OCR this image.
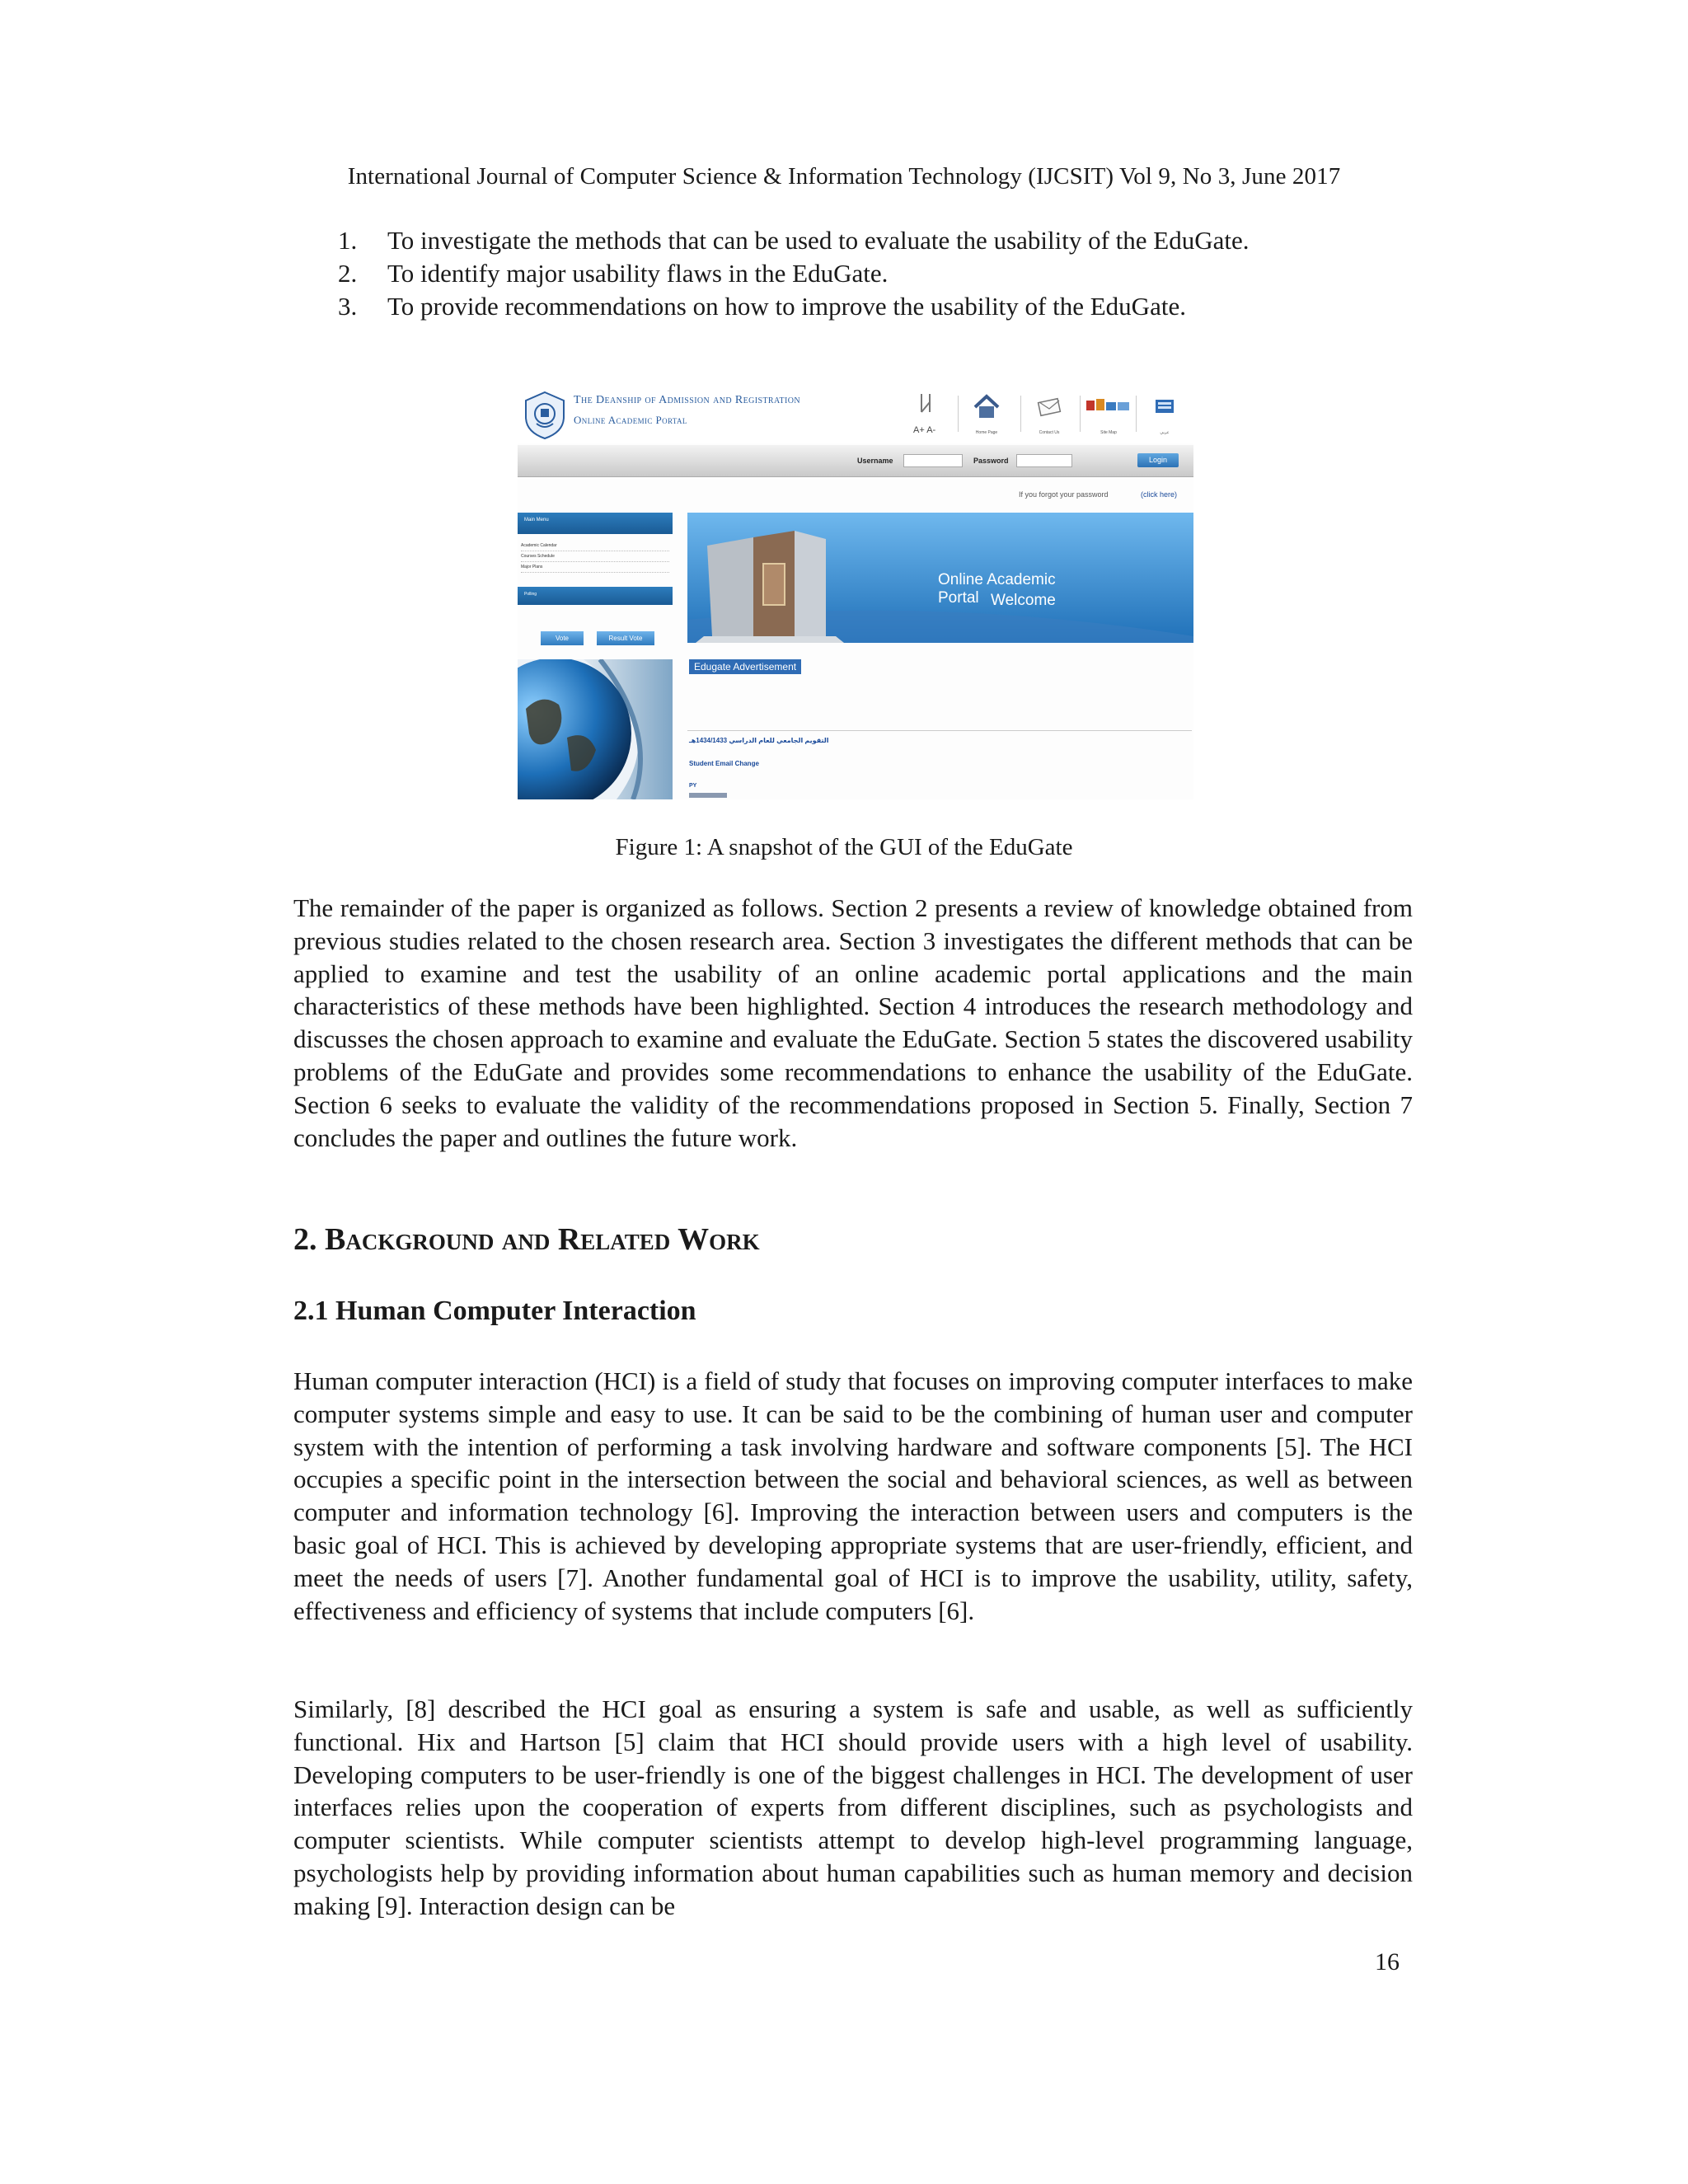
International Journal of Computer Science & Information Technology (IJCSIT) Vol 9, No 3, June 2017
1. To investigate the methods that can be used to evaluate the usability of the EduGate.
2. To identify major usability flaws in the EduGate.
3. To provide recommendations on how to improve the usability of the EduGate.
The Deanship of Admission and Registration
Online Academic Portal
A+ A-	Home Page	Contact Us	Site Map	عربي
Username	Password	Login
If you forgot your password	(click here)
Main Menu
Academic Calendar
Courses Schedule
Major Plans
Polling
Vote	Result Vote
Online Academic Portal Welcome
Edugate Advertisement
التقويم الجامعي للعام الدراسي 1434/1433هـ
Student Email Change
PY
Figure 1: A snapshot of the GUI of the EduGate

The remainder of the paper is organized as follows. Section 2 presents a review of knowledge obtained from previous studies related to the chosen research area. Section 3 investigates the different methods that can be applied to examine and test the usability of an online academic portal applications and the main characteristics of these methods have been highlighted. Section 4 introduces the research methodology and discusses the chosen approach to examine and evaluate the EduGate. Section 5 states the discovered usability problems of the EduGate and provides some recommendations to enhance the usability of the EduGate. Section 6 seeks to evaluate the validity of the recommendations proposed in Section 5. Finally, Section 7 concludes the paper and outlines the future work.

2. Background and Related Work
2.1 Human Computer Interaction

Human computer interaction (HCI) is a field of study that focuses on improving computer interfaces to make computer systems simple and easy to use. It can be said to be the combining of human user and computer system with the intention of performing a task involving hardware and software components [5]. The HCI occupies a specific point in the intersection between the social and behavioral sciences, as well as between computer and information technology [6]. Improving the interaction between users and computers is the basic goal of HCI. This is achieved by developing appropriate systems that are user-friendly, efficient, and meet the needs of users [7]. Another fundamental goal of HCI is to improve the usability, utility, safety, effectiveness and efficiency of systems that include computers [6].

Similarly, [8] described the HCI goal as ensuring a system is safe and usable, as well as sufficiently functional. Hix and Hartson [5] claim that HCI should provide users with a high level of usability. Developing computers to be user-friendly is one of the biggest challenges in HCI. The development of user interfaces relies upon the cooperation of experts from different disciplines, such as psychologists and computer scientists. While computer scientists attempt to develop high-level programming language, psychologists help by providing information about human capabilities such as human memory and decision making [9]. Interaction design can be

16
